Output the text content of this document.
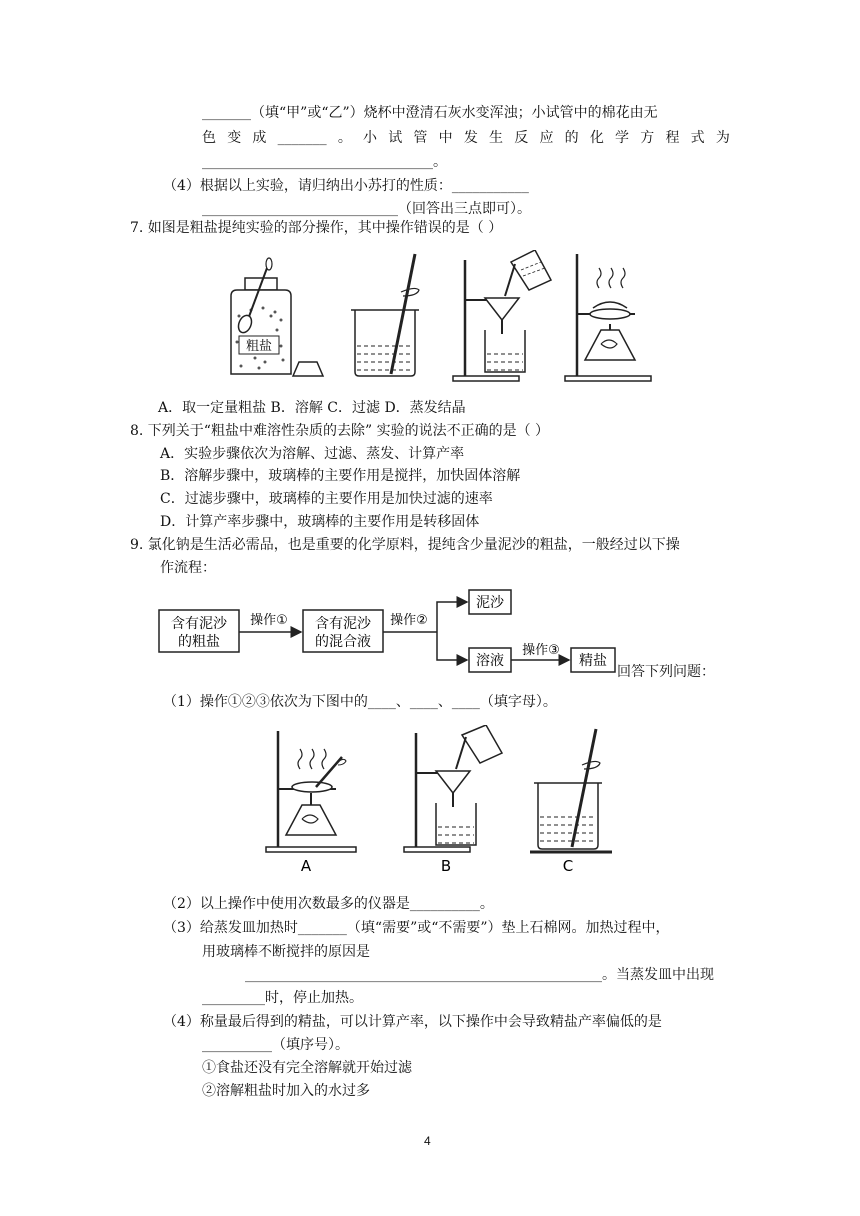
_______（填“甲”或“乙”）烧杯中澄清石灰水变浑浊；小试管中的棉花由无
色 变 成 _______ 。 小 试 管 中 发 生 反 应 的 化 学 方 程 式 为
_________________________________。
（4）根据以上实验，请归纳出小苏打的性质：___________
____________________________（回答出三点即可）。
7. 如图是粗盐提纯实验的部分操作，其中操作错误的是（ ）
粗盐
A．取一定量粗盐 B．溶解 C．过滤 D．蒸发结晶
8. 下列关于“粗盐中难溶性杂质的去除” 实验的说法不正确的是（ ）
A．实验步骤依次为溶解、过滤、蒸发、计算产率
B．溶解步骤中，玻璃棒的主要作用是搅拌，加快固体溶解
C．过滤步骤中，玻璃棒的主要作用是加快过滤的速率
D．计算产率步骤中，玻璃棒的主要作用是转移固体
9. 氯化钠是生活必需品，也是重要的化学原料，提纯含少量泥沙的粗盐，一般经过以下操
作流程：
含有泥沙
的粗盐
操作① 含有泥沙
的混合液
操作②
泥沙
溶液
操作③
精盐
回答下列问题：
（1）操作①②③依次为下图中的____、____、____（填字母）。
A	B	C
（2）以上操作中使用次数最多的仪器是__________。
（3）给蒸发皿加热时_______（填“需要”或“不需要”）垫上石棉网。加热过程中，
用玻璃棒不断搅拌的原因是
___________________________________________________。当蒸发皿中出现
_________时，停止加热。
（4）称量最后得到的精盐，可以计算产率，以下操作中会导致精盐产率偏低的是
__________（填序号）。
①食盐还没有完全溶解就开始过滤
②溶解粗盐时加入的水过多
4
